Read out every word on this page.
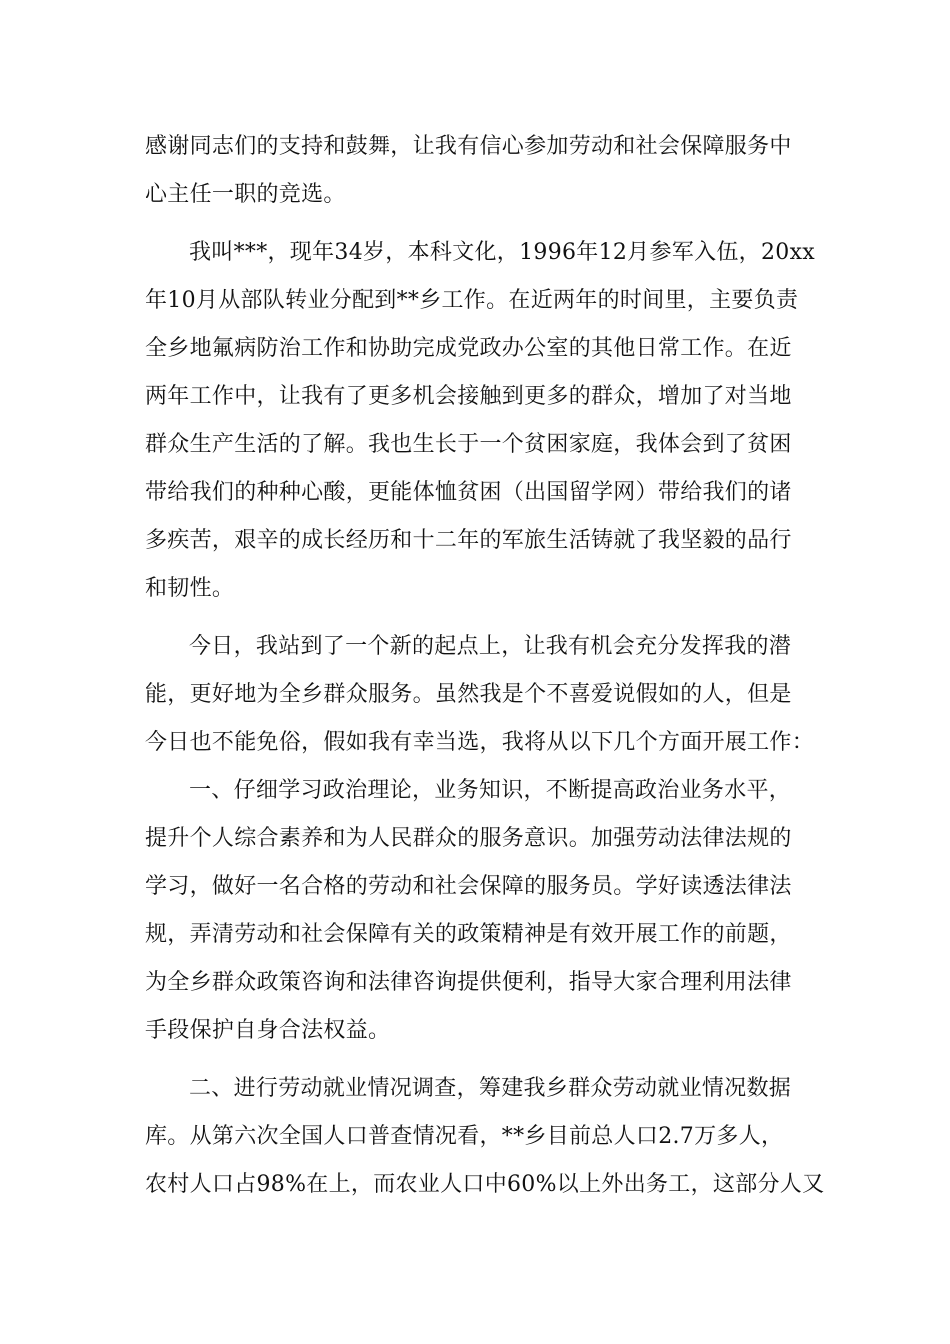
感谢同志们的支持和鼓舞，让我有信心参加劳动和社会保障服务中
心主任一职的竞选。
我叫***，现年34岁，本科文化，1996年12月参军入伍，20xx
年10月从部队转业分配到**乡工作。在近两年的时间里，主要负责
全乡地氟病防治工作和协助完成党政办公室的其他日常工作。在近
两年工作中，让我有了更多机会接触到更多的群众，增加了对当地
群众生产生活的了解。我也生长于一个贫困家庭，我体会到了贫困
带给我们的种种心酸，更能体恤贫困（出国留学网）带给我们的诸
多疾苦，艰辛的成长经历和十二年的军旅生活铸就了我坚毅的品行
和韧性。
今日，我站到了一个新的起点上，让我有机会充分发挥我的潜
能，更好地为全乡群众服务。虽然我是个不喜爱说假如的人，但是
今日也不能免俗，假如我有幸当选，我将从以下几个方面开展工作：
一、仔细学习政治理论，业务知识，不断提高政治业务水平，
提升个人综合素养和为人民群众的服务意识。加强劳动法律法规的
学习，做好一名合格的劳动和社会保障的服务员。学好读透法律法
规，弄清劳动和社会保障有关的政策精神是有效开展工作的前题，
为全乡群众政策咨询和法律咨询提供便利，指导大家合理利用法律
手段保护自身合法权益。
二、进行劳动就业情况调查，筹建我乡群众劳动就业情况数据
库。从第六次全国人口普查情况看，**乡目前总人口2.7万多人，
农村人口占98%在上，而农业人口中60%以上外出务工，这部分人又
